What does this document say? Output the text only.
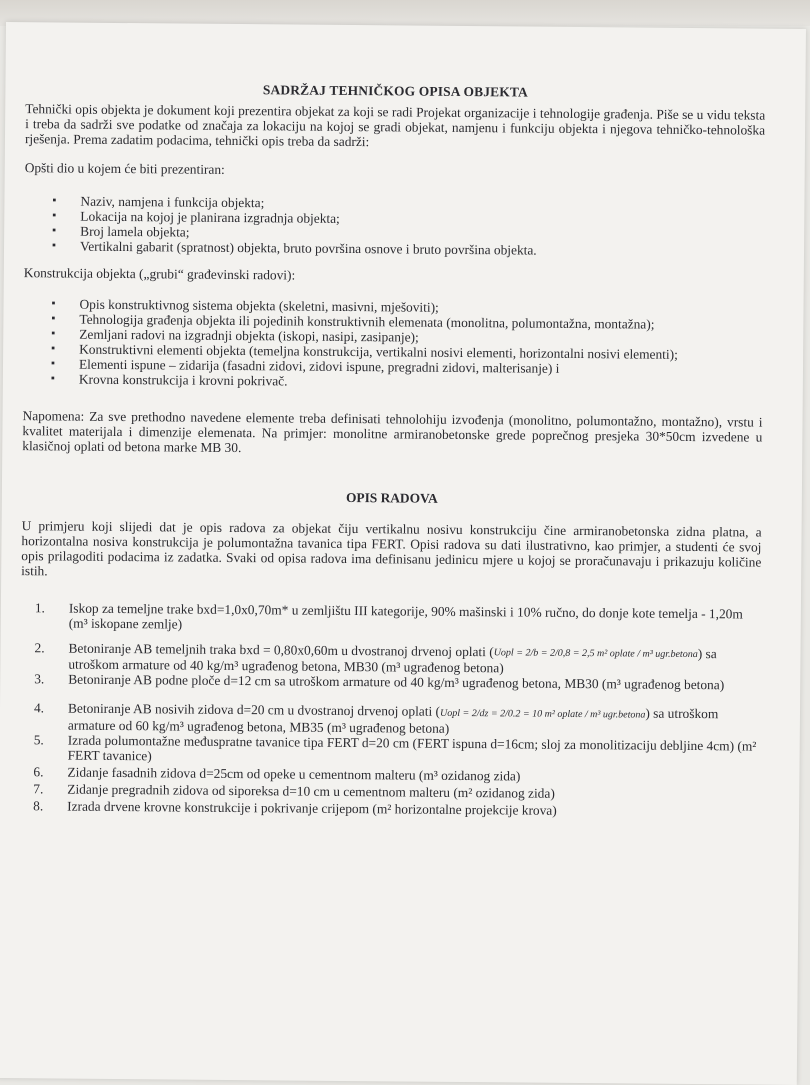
SADRŽAJ TEHNIČKOG OPISA OBJEKTA

Tehnički opis objekta je dokument koji prezentira objekat za koji se radi Projekat organizacije i tehnologije građenja. Piše se u vidu teksta i treba da sadrži sve podatke od značaja za lokaciju na kojoj se gradi objekat, namjenu i funkciju objekta i njegova tehničko-tehnološka rješenja. Prema zadatim podacima, tehnički opis treba da sadrži:

Opšti dio u kojem će biti prezentiran:

▪ Naziv, namjena i funkcija objekta;
▪ Lokacija na kojoj je planirana izgradnja objekta;
▪ Broj lamela objekta;
▪ Vertikalni gabarit (spratnost) objekta, bruto površina osnove i bruto površina objekta.

Konstrukcija objekta („grubi“ građevinski radovi):

▪ Opis konstruktivnog sistema objekta (skeletni, masivni, mješoviti);
▪ Tehnologija građenja objekta ili pojedinih konstruktivnih elemenata (monolitna, polumontažna, montažna);
▪ Zemljani radovi na izgradnji objekta (iskopi, nasipi, zasipanje);
▪ Konstruktivni elementi objekta (temeljna konstrukcija, vertikalni nosivi elementi, horizontalni nosivi elementi);
▪ Elementi ispune – zidarija (fasadni zidovi, zidovi ispune, pregradni zidovi, malterisanje) i
▪ Krovna konstrukcija i krovni pokrivač.

Napomena: Za sve prethodno navedene elemente treba definisati tehnolohiju izvođenja (monolitno, polumontažno, montažno), vrstu i kvalitet materijala i dimenzije elemenata. Na primjer: monolitne armiranobetonske grede poprečnog presjeka 30*50cm izvedene u klasičnoj oplati od betona marke MB 30.

OPIS RADOVA

U primjeru koji slijedi dat je opis radova za objekat čiju vertikalnu nosivu konstrukciju čine armiranobetonska zidna platna, a horizontalna nosiva konstrukcija je polumontažna tavanica tipa FERT. Opisi radova su dati ilustrativno, kao primjer, a studenti će svoj opis prilagoditi podacima iz zadatka. Svaki od opisa radova ima definisanu jedinicu mjere u kojoj se proračunavaju i prikazuju količine istih.

1. Iskop za temeljne trake bxd=1,0x0,70m* u zemljištu III kategorije, 90% mašinski i 10% ručno, do donje kote temelja - 1,20m (m³ iskopane zemlje)
2. Betoniranje AB temeljnih traka bxd = 0,80x0,60m u dvostranoj drvenoj oplati (Uopl = 2/b = 2/0,8 = 2,5 m² oplate / m³ ugr.betona) sa utroškom armature od 40 kg/m³ ugrađenog betona, MB30 (m³ ugrađenog betona)
3. Betoniranje AB podne ploče d=12 cm sa utroškom armature od 40 kg/m³ ugrađenog betona, MB30 (m³ ugrađenog betona)
4. Betoniranje AB nosivih zidova d=20 cm u dvostranoj drvenoj oplati (Uopl = 2/dz = 2/0.2 = 10 m² oplate / m³ ugr.betona) sa utroškom armature od 60 kg/m³ ugrađenog betona, MB35 (m³ ugrađenog betona)
5. Izrada polumontažne međuspratne tavanice tipa FERT d=20 cm (FERT ispuna d=16cm; sloj za monolitizaciju debljine 4cm) (m² FERT tavanice)
6. Zidanje fasadnih zidova d=25cm od opeke u cementnom malteru (m³ ozidanog zida)
7. Zidanje pregradnih zidova od siporeksa d=10 cm u cementnom malteru (m² ozidanog zida)
8. Izrada drvene krovne konstrukcije i pokrivanje crijepom (m² horizontalne projekcije krova)
